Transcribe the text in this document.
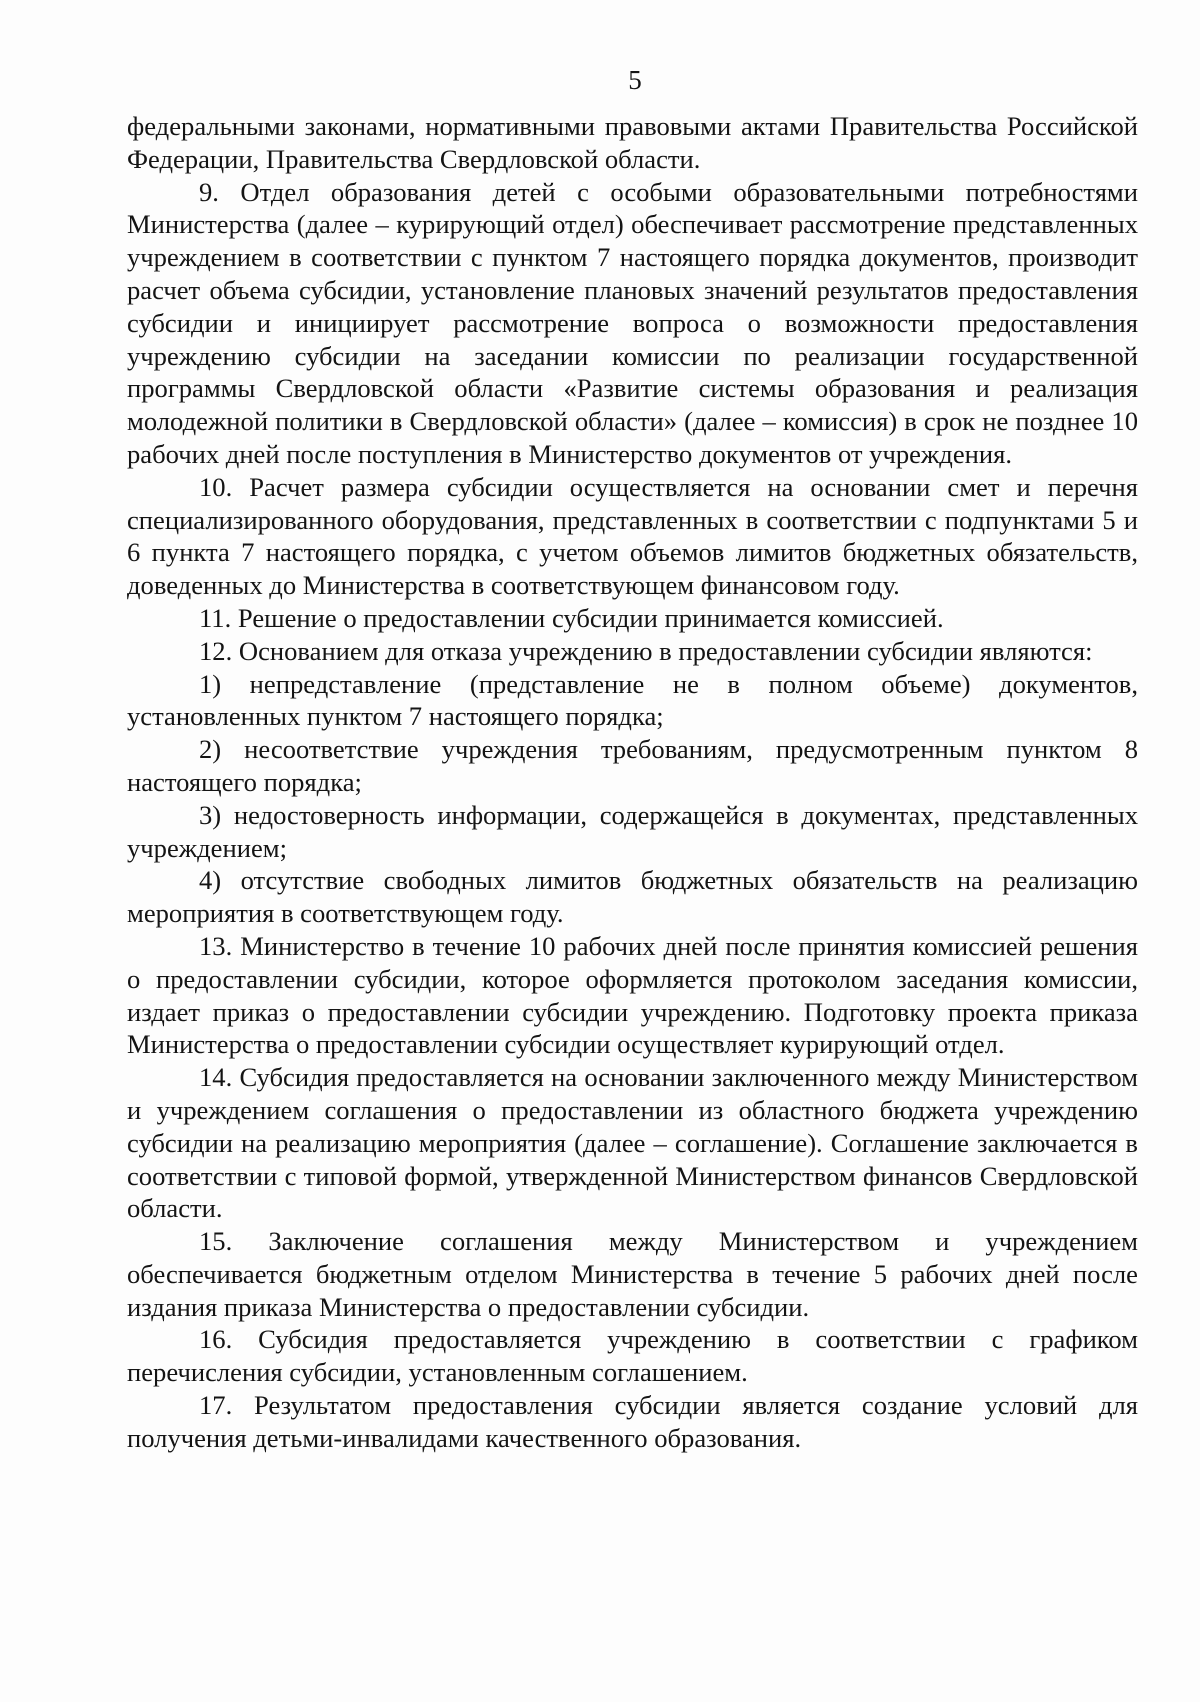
5

федеральными законами, нормативными правовыми актами Правительства Российской Федерации, Правительства Свердловской области.

9. Отдел образования детей с особыми образовательными потребностями Министерства (далее – курирующий отдел) обеспечивает рассмотрение представленных учреждением в соответствии с пунктом 7 настоящего порядка документов, производит расчет объема субсидии, установление плановых значений результатов предоставления субсидии и инициирует рассмотрение вопроса о возможности предоставления учреждению субсидии на заседании комиссии по реализации государственной программы Свердловской области «Развитие системы образования и реализация молодежной политики в Свердловской области» (далее – комиссия) в срок не позднее 10 рабочих дней после поступления в Министерство документов от учреждения.

10. Расчет размера субсидии осуществляется на основании смет и перечня специализированного оборудования, представленных в соответствии с подпунктами 5 и 6 пункта 7 настоящего порядка, с учетом объемов лимитов бюджетных обязательств, доведенных до Министерства в соответствующем финансовом году.

11. Решение о предоставлении субсидии принимается комиссией.

12. Основанием для отказа учреждению в предоставлении субсидии являются:

1) непредставление (представление не в полном объеме) документов, установленных пунктом 7 настоящего порядка;

2) несоответствие учреждения требованиям, предусмотренным пунктом 8 настоящего порядка;

3) недостоверность информации, содержащейся в документах, представленных учреждением;

4) отсутствие свободных лимитов бюджетных обязательств на реализацию мероприятия в соответствующем году.

13. Министерство в течение 10 рабочих дней после принятия комиссией решения о предоставлении субсидии, которое оформляется протоколом заседания комиссии, издает приказ о предоставлении субсидии учреждению. Подготовку проекта приказа Министерства о предоставлении субсидии осуществляет курирующий отдел.

14. Субсидия предоставляется на основании заключенного между Министерством и учреждением соглашения о предоставлении из областного бюджета учреждению субсидии на реализацию мероприятия (далее – соглашение). Соглашение заключается в соответствии с типовой формой, утвержденной Министерством финансов Свердловской области.

15. Заключение соглашения между Министерством и учреждением обеспечивается бюджетным отделом Министерства в течение 5 рабочих дней после издания приказа Министерства о предоставлении субсидии.

16. Субсидия предоставляется учреждению в соответствии с графиком перечисления субсидии, установленным соглашением.

17. Результатом предоставления субсидии является создание условий для получения детьми-инвалидами качественного образования.
